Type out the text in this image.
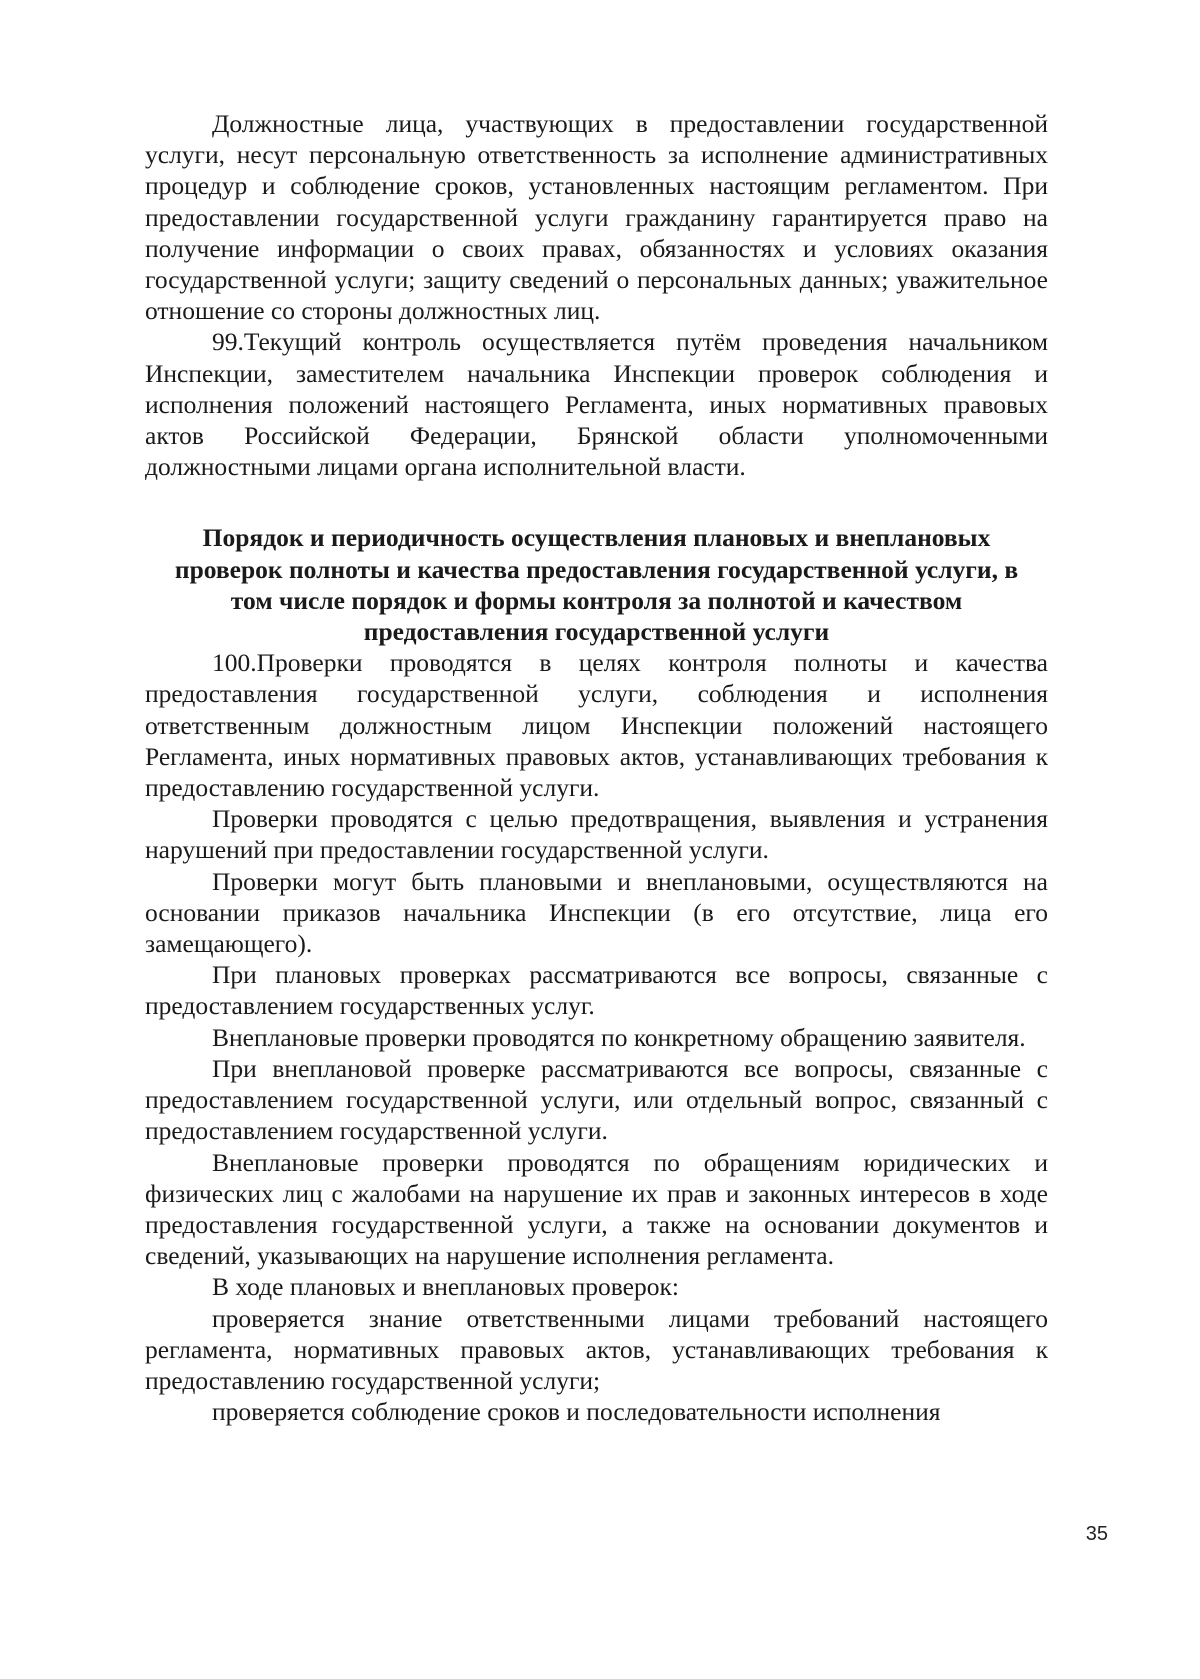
Должностные лица, участвующих в предоставлении государственной услуги, несут персональную ответственность за исполнение административных процедур и соблюдение сроков, установленных настоящим регламентом. При предоставлении государственной услуги гражданину гарантируется право на получение информации о своих правах, обязанностях и условиях оказания государственной услуги; защиту сведений о персональных данных; уважительное отношение со стороны должностных лиц.

99.Текущий контроль осуществляется путём проведения начальником Инспекции, заместителем начальника Инспекции проверок соблюдения и исполнения положений настоящего Регламента, иных нормативных правовых актов Российской Федерации, Брянской области уполномоченными должностными лицами органа исполнительной власти.

Порядок и периодичность осуществления плановых и внеплановых проверок полноты и качества предоставления государственной услуги, в том числе порядок и формы контроля за полнотой и качеством предоставления государственной услуги

100.Проверки проводятся в целях контроля полноты и качества предоставления государственной услуги, соблюдения и исполнения ответственным должностным лицом Инспекции положений настоящего Регламента, иных нормативных правовых актов, устанавливающих требования к предоставлению государственной услуги.

Проверки проводятся с целью предотвращения, выявления и устранения нарушений при предоставлении государственной услуги.

Проверки могут быть плановыми и внеплановыми, осуществляются на основании приказов начальника Инспекции (в его отсутствие, лица его замещающего).

При плановых проверках рассматриваются все вопросы, связанные с предоставлением государственных услуг.

Внеплановые проверки проводятся по конкретному обращению заявителя.

При внеплановой проверке рассматриваются все вопросы, связанные с предоставлением государственной услуги, или отдельный вопрос, связанный с предоставлением государственной услуги.

Внеплановые проверки проводятся по обращениям юридических и физических лиц с жалобами на нарушение их прав и законных интересов в ходе предоставления государственной услуги, а также на основании документов и сведений, указывающих на нарушение исполнения регламента.

В ходе плановых и внеплановых проверок:

проверяется знание ответственными лицами требований настоящего регламента, нормативных правовых актов, устанавливающих требования к предоставлению государственной услуги;

проверяется соблюдение сроков и последовательности исполнения

35
